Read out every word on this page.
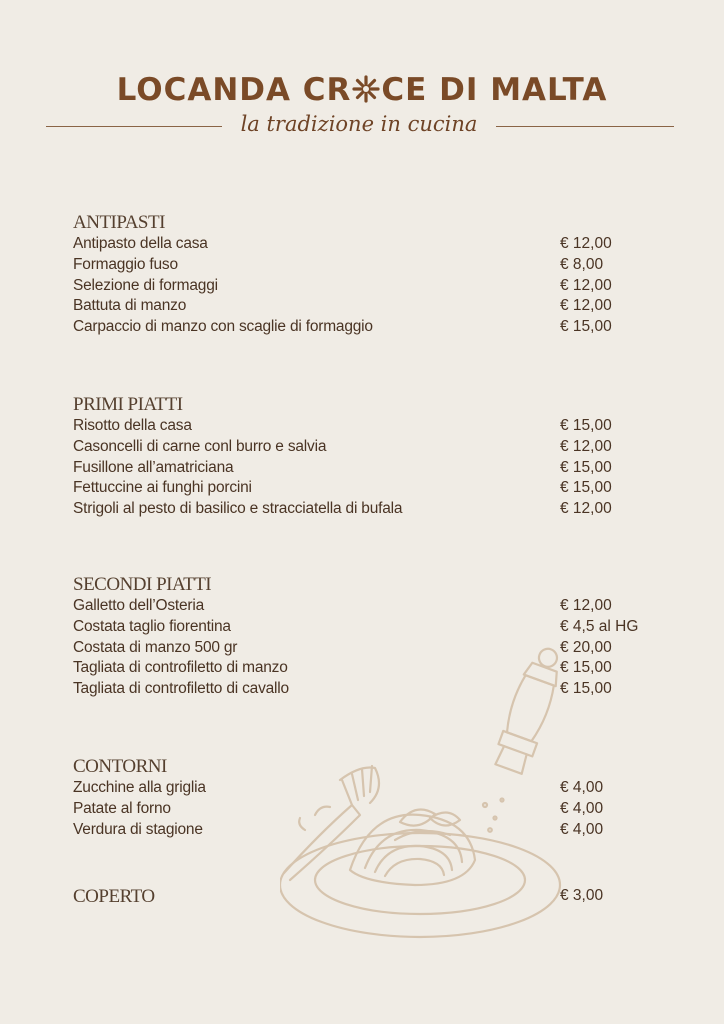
LOCANDA CR CE DI MALTA
la tradizione in cucina
ANTIPASTI
Antipasto della casa	€ 12,00
Formaggio fuso	€ 8,00
Selezione di formaggi	€ 12,00
Battuta di manzo	€ 12,00
Carpaccio di manzo con scaglie di formaggio	€ 15,00
PRIMI PIATTI
Risotto della casa	€ 15,00
Casoncelli di carne conl burro e salvia	€ 12,00
Fusillone all’amatriciana	€ 15,00
Fettuccine ai funghi porcini	€ 15,00
Strigoli al pesto di basilico e stracciatella di bufala	€ 12,00
SECONDI PIATTI
Galletto dell’Osteria	€ 12,00
Costata taglio fiorentina	€ 4,5 al HG
Costata di manzo 500 gr	€ 20,00
Tagliata di controfiletto di manzo	€ 15,00
Tagliata di controfiletto di cavallo	€ 15,00
CONTORNI
Zucchine alla griglia	€ 4,00
Patate al forno	€ 4,00
Verdura di stagione	€ 4,00
COPERTO	€ 3,00
